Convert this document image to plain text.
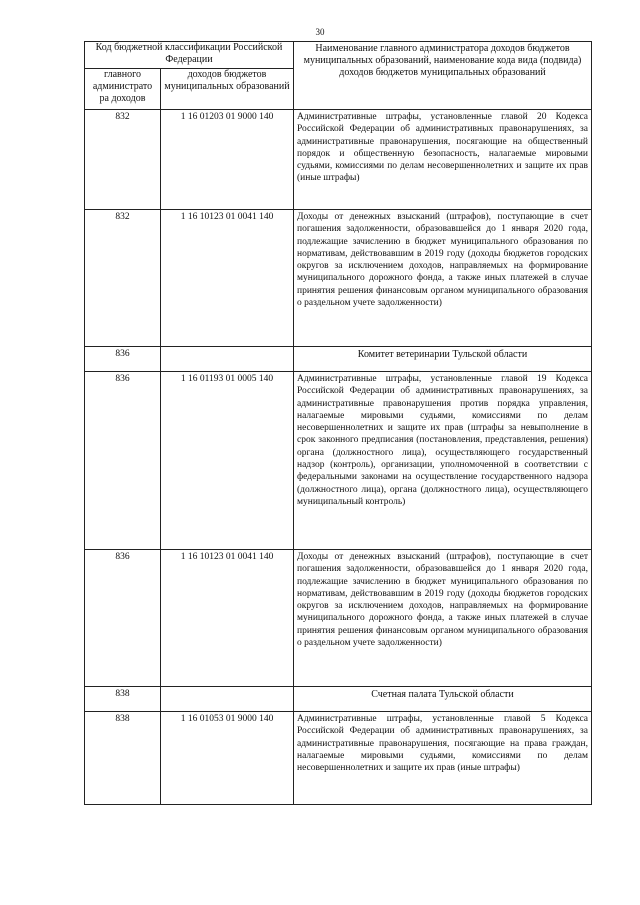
30
Код бюджетной классификации Российской Федерации		Наименование главного администратора доходов бюджетов муниципальных образований, наименование кода вида (подвида) доходов бюджетов муниципальных образований
главного администрато ра доходов	доходов бюджетов муниципальных образований	
832	1 16 01203 01 9000 140	Административные штрафы, установленные главой 20 Кодекса Российской Федерации об административных правонарушениях, за административные правонарушения, посягающие на общественный порядок и общественную безопасность, налагаемые мировыми судьями, комиссиями по делам несовершеннолетних и защите их прав (иные штрафы)
832	1 16 10123 01 0041 140	Доходы от денежных взысканий (штрафов), поступающие в счет погашения задолженности, образовавшейся до 1 января 2020 года, подлежащие зачислению в бюджет муниципального образования по нормативам, действовавшим в 2019 году (доходы бюджетов городских округов за исключением доходов, направляемых на формирование муниципального дорожного фонда, а также иных платежей в случае принятия решения финансовым органом муниципального образования о раздельном учете задолженности)
836		Комитет ветеринарии Тульской области
836	1 16 01193 01 0005 140	Административные штрафы, установленные главой 19 Кодекса Российской Федерации об административных правонарушениях, за административные правонарушения против порядка управления, налагаемые мировыми судьями, комиссиями по делам несовершеннолетних и защите их прав (штрафы за невыполнение в срок законного предписания (постановления, представления, решения) органа (должностного лица), осуществляющего государственный надзор (контроль), организации, уполномоченной в соответствии с федеральными законами на осуществление государственного надзора (должностного лица), органа (должностного лица), осуществляющего муниципальный контроль)
836	1 16 10123 01 0041 140	Доходы от денежных взысканий (штрафов), поступающие в счет погашения задолженности, образовавшейся до 1 января 2020 года, подлежащие зачислению в бюджет муниципального образования по нормативам, действовавшим в 2019 году (доходы бюджетов городских округов за исключением доходов, направляемых на формирование муниципального дорожного фонда, а также иных платежей в случае принятия решения финансовым органом муниципального образования о раздельном учете задолженности)
838		Счетная палата Тульской области
838	1 16 01053 01 9000 140	Административные штрафы, установленные главой 5 Кодекса Российской Федерации об административных правонарушениях, за административные правонарушения, посягающие на права граждан, налагаемые мировыми судьями, комиссиями по делам несовершеннолетних и защите их прав (иные штрафы)
